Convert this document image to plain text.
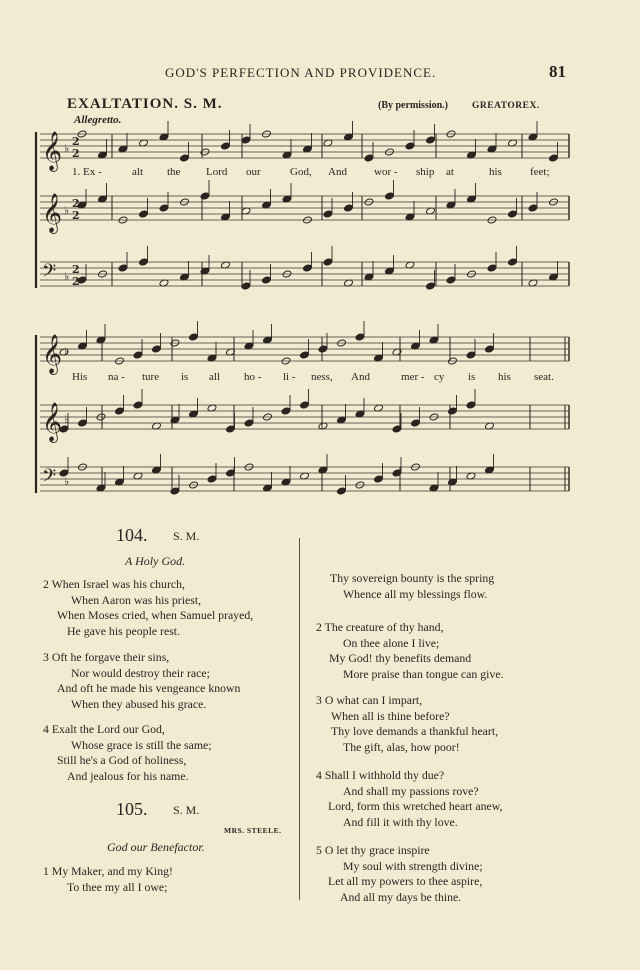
GOD'S PERFECTION AND PROVIDENCE.	81
EXALTATION. S. M.	(By permission.)	GREATOREX.
Allegretto.
𝄞 ♭
2
2
𝄞 ♭
2
2
𝄢 ♭
2
2
𝄞 ♭
𝄞 ♭
𝄢 ♭
1. Ex -	alt the Lord our	God, And wor - ship at	his	feet;
His na - ture is all ho - li - ness, And	mer - cy is his seat.
104. S. M.
A Holy God.
2 When Israel was his church,
When Aaron was his priest,
When Moses cried, when Samuel prayed,
He gave his people rest.
3 Oft he forgave their sins,
Nor would destroy their race;
And oft he made his vengeance known
When they abused his grace.
4 Exalt the Lord our God,
Whose grace is still the same;
Still he's a God of holiness,
And jealous for his name.
105. S. M.
MRS. STEELE.
God our Benefactor.
1 My Maker, and my King!
To thee my all I owe;
Thy sovereign bounty is the spring
Whence all my blessings flow.
2 The creature of thy hand,
On thee alone I live;
My God! thy benefits demand
More praise than tongue can give.
3 O what can I impart,
When all is thine before?
Thy love demands a thankful heart,
The gift, alas, how poor!
4 Shall I withhold thy due?
And shall my passions rove?
Lord, form this wretched heart anew,
And fill it with thy love.
5 O let thy grace inspire
My soul with strength divine;
Let all my powers to thee aspire,
And all my days be thine.
